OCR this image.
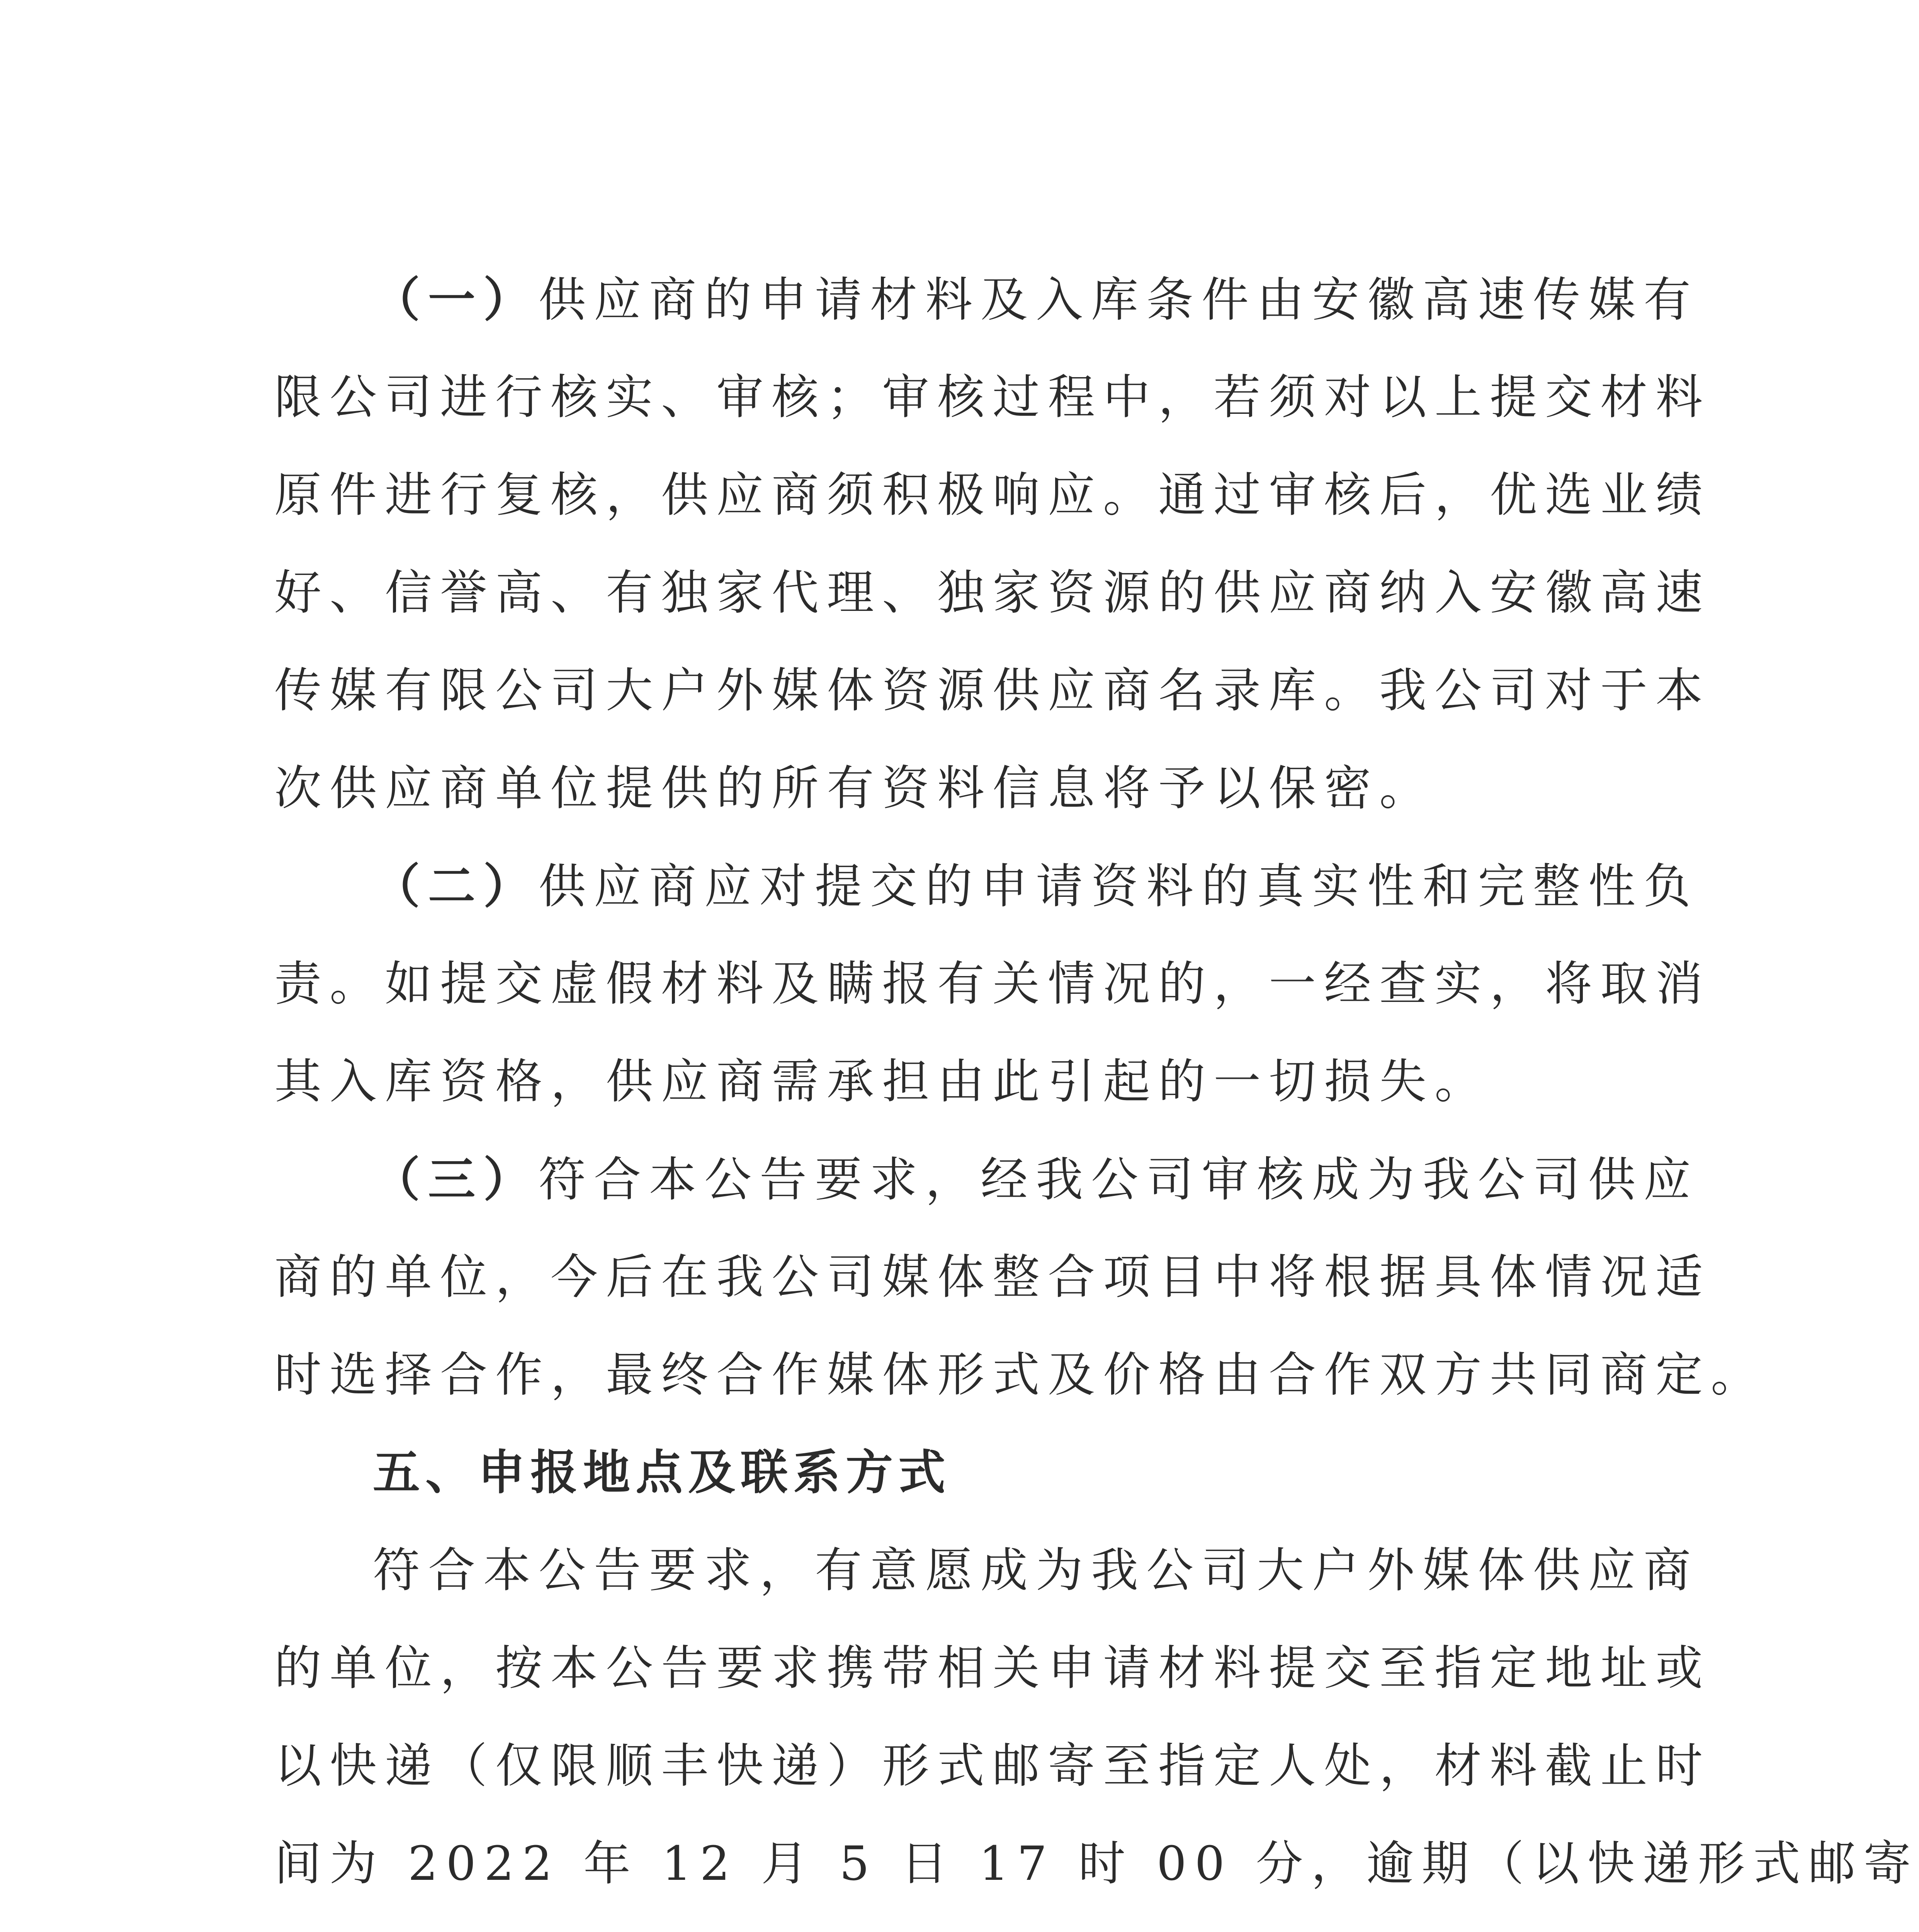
（一）供应商的申请材料及入库条件由安徽高速传媒有
限公司进行核实、审核；审核过程中，若须对以上提交材料
原件进行复核，供应商须积极响应。通过审核后，优选业绩
好、信誉高、有独家代理、独家资源的供应商纳入安徽高速
传媒有限公司大户外媒体资源供应商名录库。我公司对于本
次供应商单位提供的所有资料信息将予以保密。
（二）供应商应对提交的申请资料的真实性和完整性负
责。如提交虚假材料及瞒报有关情况的，一经查实，将取消
其入库资格，供应商需承担由此引起的一切损失。
（三）符合本公告要求，经我公司审核成为我公司供应
商的单位，今后在我公司媒体整合项目中将根据具体情况适
时选择合作，最终合作媒体形式及价格由合作双方共同商定。
五、申报地点及联系方式
符合本公告要求，有意愿成为我公司大户外媒体供应商
的单位，按本公告要求携带相关申请材料提交至指定地址或
以快递（仅限顺丰快递）形式邮寄至指定人处，材料截止时
间为 2022 年 12 月 5 日 17 时 00 分，逾期（以快递形式邮寄
